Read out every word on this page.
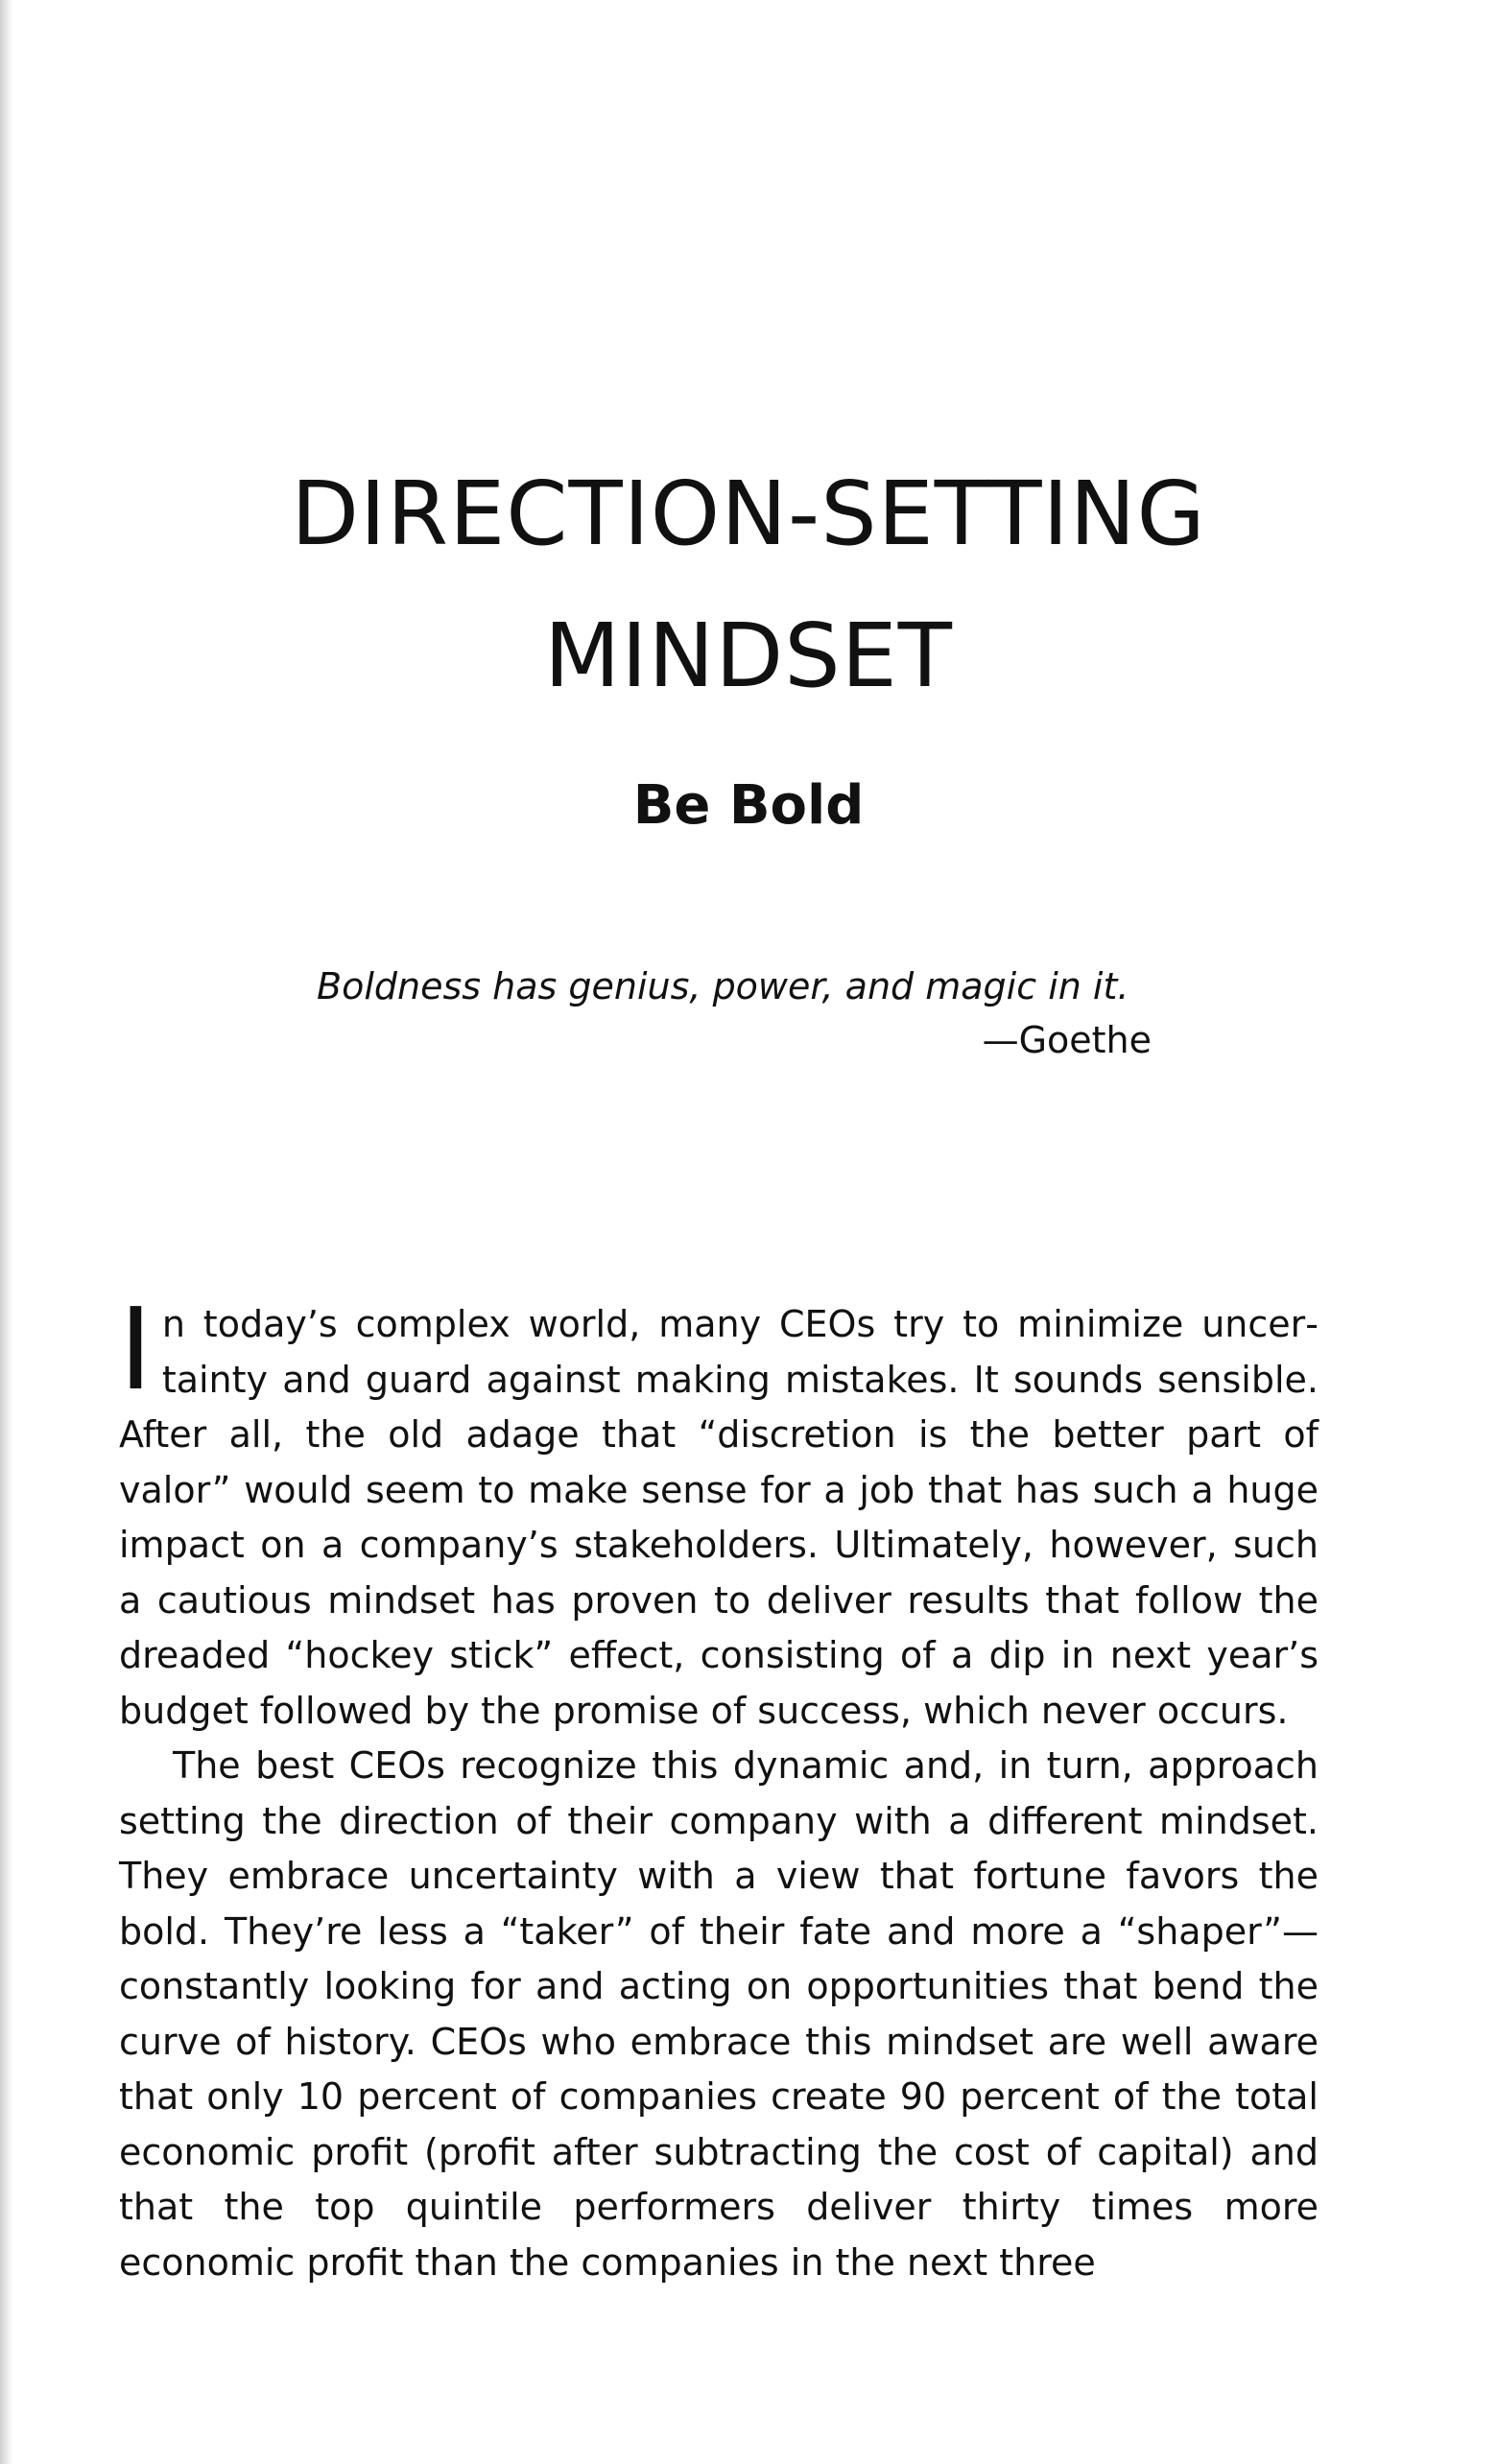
DIRECTION-SETTING
MINDSET
Be Bold

Boldness has genius, power, and magic in it.

—Goethe

In today’s complex world, many CEOs try to minimize uncertainty and guard against making mistakes. It sounds sensible. After all, the old adage that “discretion is the better part of valor” would seem to make sense for a job that has such a huge impact on a company’s stakeholders. Ultimately, however, such a cautious mindset has proven to deliver results that follow the dreaded “hockey stick” effect, consisting of a dip in next year’s budget followed by the promise of success, which never occurs.

The best CEOs recognize this dynamic and, in turn, approach setting the direction of their company with a different mindset. They embrace uncertainty with a view that fortune favors the bold. They’re less a “taker” of their fate and more a “shaper”—constantly looking for and acting on opportunities that bend the curve of history. CEOs who embrace this mindset are well aware that only 10 percent of companies create 90 percent of the total economic profit (profit after subtracting the cost of capital) and that the top quintile performers deliver thirty times more economic profit than the companies in the next three
